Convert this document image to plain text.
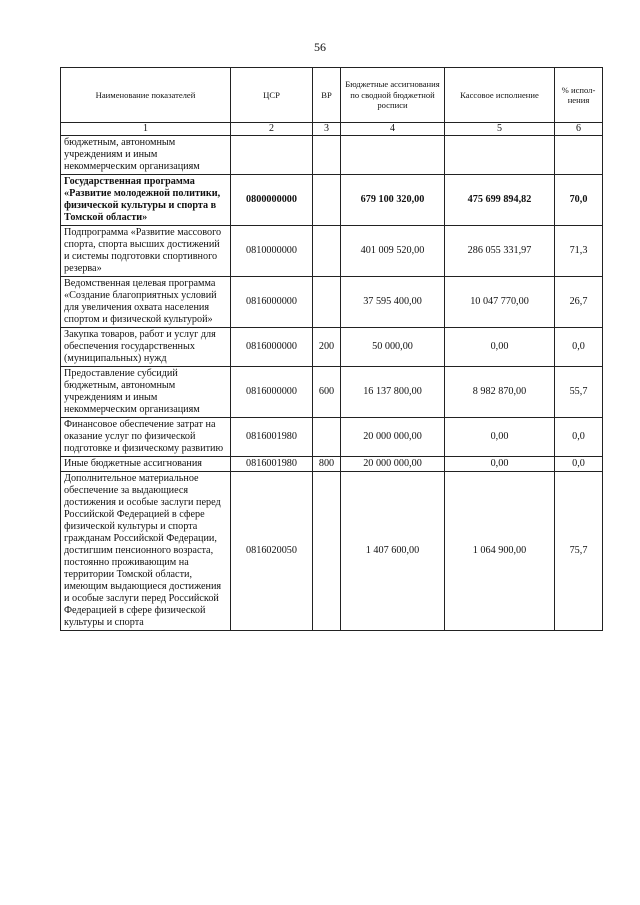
56
Наименование показателей	ЦСР	ВР	Бюджетные ассигнования по сводной бюджетной росписи	Кассовое исполнение	% испол-нения
1	2	3	4	5	6
бюджетным, автономным учреждениям и иным некоммерческим организациям					
Государственная программа «Развитие молодежной политики, физической культуры и спорта в Томской области»	0800000000		679 100 320,00	475 699 894,82	70,0
Подпрограмма «Развитие массового спорта, спорта высших достижений и системы подготовки спортивного резерва»	0810000000		401 009 520,00	286 055 331,97	71,3
Ведомственная целевая программа «Создание благоприятных условий для увеличения охвата населения спортом и физической культурой»	0816000000		37 595 400,00	10 047 770,00	26,7
Закупка товаров, работ и услуг для обеспечения государственных (муниципальных) нужд	0816000000	200	50 000,00	0,00	0,0
Предоставление субсидий бюджетным, автономным учреждениям и иным некоммерческим организациям	0816000000	600	16 137 800,00	8 982 870,00	55,7
Финансовое обеспечение затрат на оказание услуг по физической подготовке и физическому развитию	0816001980		20 000 000,00	0,00	0,0
Иные бюджетные ассигнования	0816001980	800	20 000 000,00	0,00	0,0
Дополнительное материальное обеспечение за выдающиеся достижения и особые заслуги перед Российской Федерацией в сфере физической культуры и спорта гражданам Российской Федерации, достигшим пенсионного возраста, постоянно проживающим на территории Томской области, имеющим выдающиеся достижения и особые заслуги перед Российской Федерацией в сфере физической культуры и спорта	0816020050		1 407 600,00	1 064 900,00	75,7
